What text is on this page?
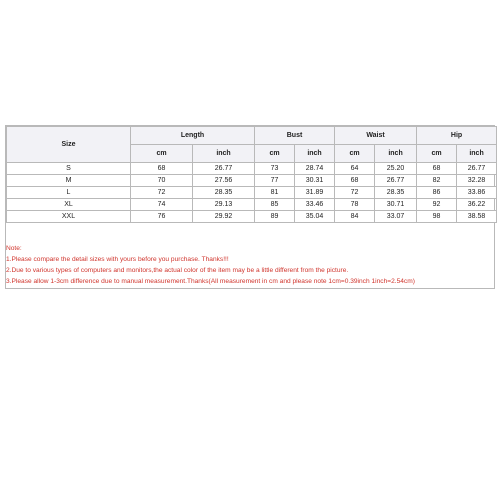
Size	Length		Bust		Waist		Hip	
	cm	inch	cm	inch	cm	inch	cm	inch
S	68	26.77	73	28.74	64	25.20	68	26.77
M	70	27.56	77	30.31	68	26.77	82	32.28
L	72	28.35	81	31.89	72	28.35	86	33.86
XL	74	29.13	85	33.46	78	30.71	92	36.22
XXL	76	29.92	89	35.04	84	33.07	98	38.58
Note:
1.Please compare the detail sizes with yours before you purchase. Thanks!!!
2.Due to various types of computers and monitors,the actual color of the item may be a little different from the picture.
3.Please allow 1-3cm difference due to manual measurement.Thanks(All measurement in cm and please note 1cm=0.39inch 1inch=2.54cm)
